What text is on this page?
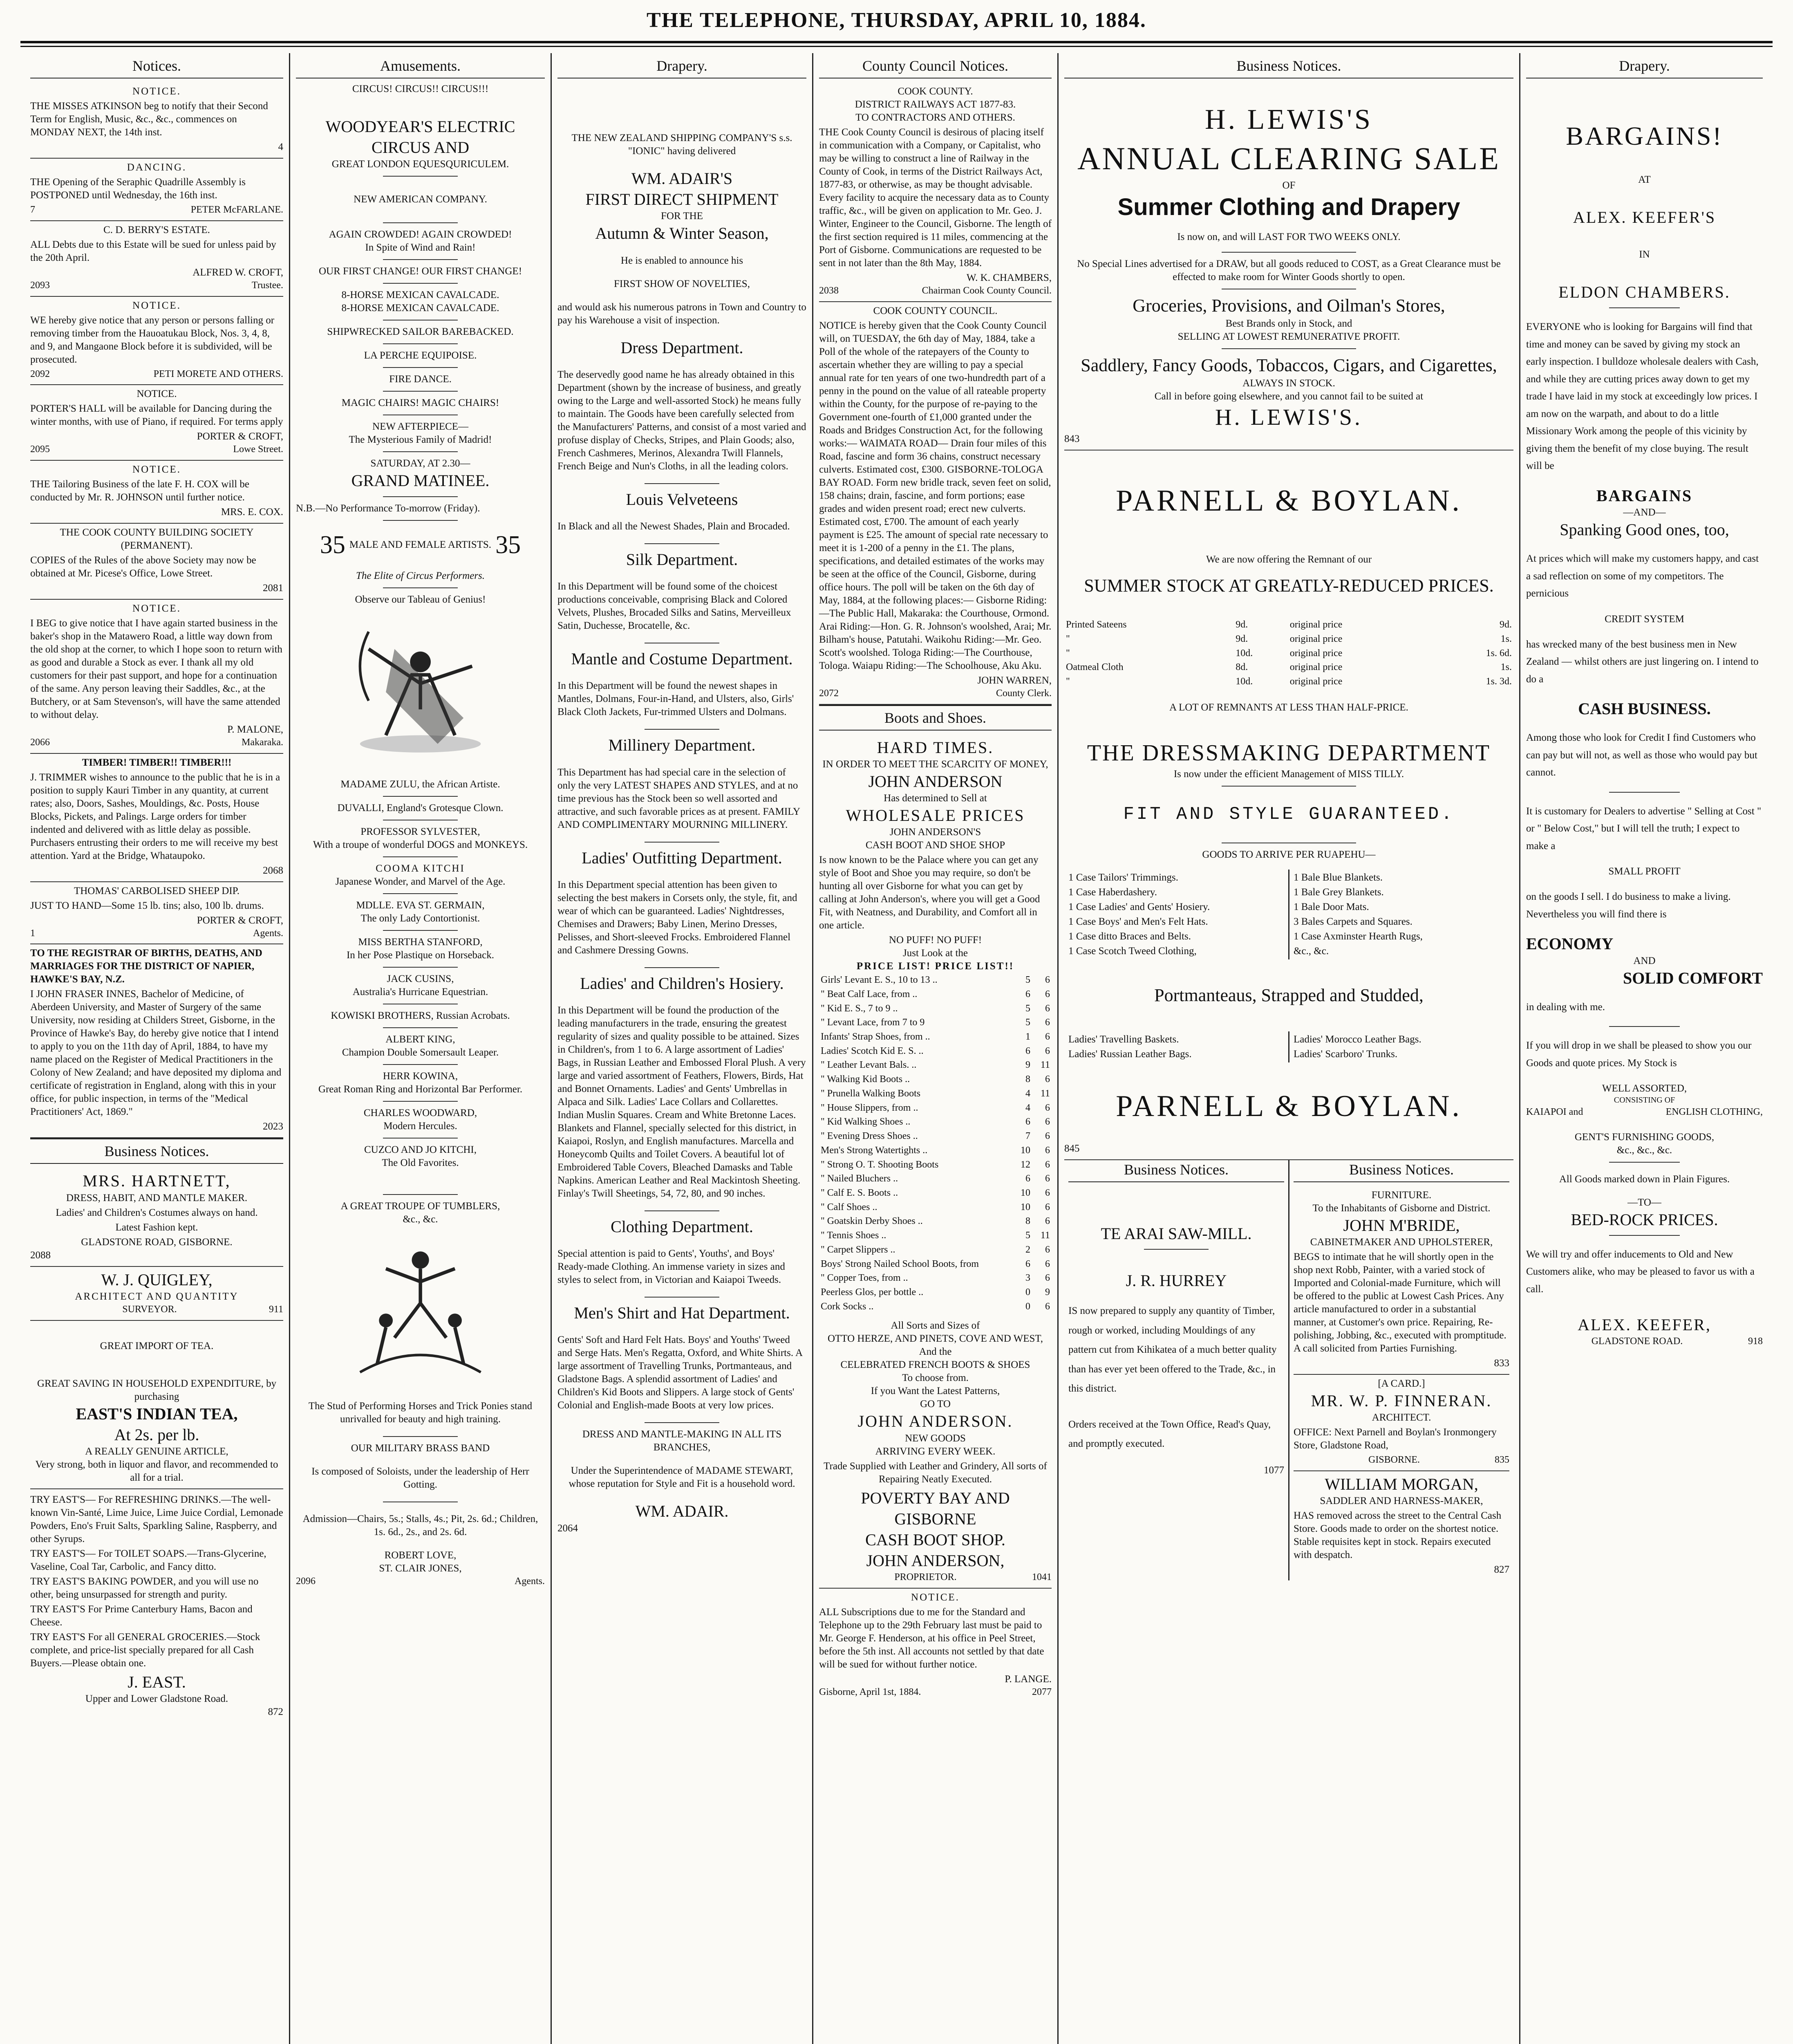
THE TELEPHONE, THURSDAY, APRIL 10, 1884.
Notices.
NOTICE.

THE MISSES ATKINSON beg to notify that their Second Term for English, Music, &c., &c., commences on MONDAY NEXT, the 14th inst.

4
DANCING.

THE Opening of the Seraphic Quadrille Assembly is POSTPONED until Wednesday, the 16th inst.

7	PETER McFARLANE.
C. D. BERRY'S ESTATE.

ALL Debts due to this Estate will be sued for unless paid by the 20th April.

ALFRED W. CROFT,
2093	Trustee.
NOTICE.

WE hereby give notice that any person or persons falling or removing timber from the Hauoatukau Block, Nos. 3, 4, 8, and 9, and Mangaone Block before it is subdivided, will be prosecuted.

2092	PETI MORETE AND OTHERS.
NOTICE.

PORTER'S HALL will be available for Dancing during the winter months, with use of Piano, if required. For terms apply

PORTER & CROFT,
2095	Lowe Street.
NOTICE.

THE Tailoring Business of the late F. H. COX will be conducted by Mr. R. JOHNSON until further notice.

MRS. E. COX.
THE COOK COUNTY BUILDING SOCIETY (PERMANENT).

COPIES of the Rules of the above Society may now be obtained at Mr. Picese's Office, Lowe Street.

2081
NOTICE.

I BEG to give notice that I have again started business in the baker's shop in the Matawero Road, a little way down from the old shop at the corner, to which I hope soon to return with as good and durable a Stock as ever. I thank all my old customers for their past support, and hope for a continuation of the same. Any person leaving their Saddles, &c., at the Butchery, or at Sam Stevenson's, will have the same attended to without delay.

P. MALONE,
2066	Makaraka.
TIMBER! TIMBER!! TIMBER!!!

J. TRIMMER wishes to announce to the public that he is in a position to supply Kauri Timber in any quantity, at current rates; also, Doors, Sashes, Mouldings, &c. Posts, House Blocks, Pickets, and Palings. Large orders for timber indented and delivered with as little delay as possible. Purchasers entrusting their orders to me will receive my best attention. Yard at the Bridge, Whataupoko.

2068
THOMAS' CARBOLISED SHEEP DIP.

JUST TO HAND—Some 15 lb. tins; also, 100 lb. drums.

PORTER & CROFT,
1	Agents.
TO THE REGISTRAR OF BIRTHS, DEATHS, AND MARRIAGES FOR THE DISTRICT OF NAPIER, HAWKE'S BAY, N.Z.

I JOHN FRASER INNES, Bachelor of Medicine, of Aberdeen University, and Master of Surgery of the same University, now residing at Childers Street, Gisborne, in the Province of Hawke's Bay, do hereby give notice that I intend to apply to you on the 11th day of April, 1884, to have my name placed on the Register of Medical Practitioners in the Colony of New Zealand; and have deposited my diploma and certificate of registration in England, along with this in your office, for public inspection, in terms of the "Medical Practitioners' Act, 1869."

2023
Business Notices.
MRS. HARTNETT,
DRESS, HABIT, AND MANTLE MAKER.

Ladies' and Children's Costumes always on hand.

Latest Fashion kept.

GLADSTONE ROAD, GISBORNE.
2088
W. J. QUIGLEY,
ARCHITECT AND QUANTITY
SURVEYOR.	911
GREAT IMPORT OF TEA.
GREAT SAVING IN HOUSEHOLD EXPENDITURE, by purchasing
EAST'S INDIAN TEA,
At 2s. per lb.
A REALLY GENUINE ARTICLE,
Very strong, both in liquor and flavor, and recommended to all for a trial.

TRY EAST'S— For REFRESHING DRINKS.—The well-known Vin-Santé, Lime Juice, Lime Juice Cordial, Lemonade Powders, Eno's Fruit Salts, Sparkling Saline, Raspberry, and other Syrups.

TRY EAST'S— For TOILET SOAPS.—Trans-Glycerine, Vaseline, Coal Tar, Carbolic, and Fancy ditto.

TRY EAST'S BAKING POWDER, and you will use no other, being unsurpassed for strength and purity.

TRY EAST'S For Prime Canterbury Hams, Bacon and Cheese.

TRY EAST'S For all GENERAL GROCERIES.—Stock complete, and price-list specially prepared for all Cash Buyers.—Please obtain one.

J. EAST.
Upper and Lower Gladstone Road.
872
Amusements.
CIRCUS! CIRCUS!! CIRCUS!!!
WOODYEAR'S ELECTRIC
CIRCUS AND
GREAT LONDON EQUESQURICULEM.
NEW AMERICAN COMPANY.
AGAIN CROWDED! AGAIN CROWDED!
In Spite of Wind and Rain!
OUR FIRST CHANGE! OUR FIRST CHANGE!
8-HORSE MEXICAN CAVALCADE.
8-HORSE MEXICAN CAVALCADE.
SHIPWRECKED SAILOR BAREBACKED.
LA PERCHE EQUIPOISE.
FIRE DANCE.
MAGIC CHAIRS! MAGIC CHAIRS!
NEW AFTERPIECE—
The Mysterious Family of Madrid!
SATURDAY, AT 2.30—
GRAND MATINEE.
N.B.—No Performance To-morrow (Friday).
35 MALE AND FEMALE ARTISTS. 35
The Elite of Circus Performers.
Observe our Tableau of Genius!
MADAME ZULU, the African Artiste.
DUVALLI, England's Grotesque Clown.
PROFESSOR SYLVESTER,
With a troupe of wonderful DOGS and MONKEYS.
COOMA KITCHI
Japanese Wonder, and Marvel of the Age.
MDLLE. EVA ST. GERMAIN,
The only Lady Contortionist.
MISS BERTHA STANFORD,
In her Pose Plastique on Horseback.
JACK CUSINS,
Australia's Hurricane Equestrian.
KOWISKI BROTHERS, Russian Acrobats.
ALBERT KING,
Champion Double Somersault Leaper.
HERR KOWINA,
Great Roman Ring and Horizontal Bar Performer.
CHARLES WOODWARD,
Modern Hercules.
CUZCO AND JO KITCHI,
The Old Favorites.
A GREAT TROUPE OF TUMBLERS,
&c., &c.

The Stud of Performing Horses and Trick Ponies stand unrivalled for beauty and high training.

OUR MILITARY BRASS BAND

Is composed of Soloists, under the leadership of Herr Gotting.

Admission—Chairs, 5s.; Stalls, 4s.; Pit, 2s. 6d.; Children, 1s. 6d., 2s., and 2s. 6d.

ROBERT LOVE,
ST. CLAIR JONES,
2096	Agents.
Drapery.

THE NEW ZEALAND SHIPPING COMPANY'S s.s. "IONIC" having delivered

WM. ADAIR'S
FIRST DIRECT SHIPMENT
FOR THE
Autumn & Winter Season,

He is enabled to announce his

FIRST SHOW OF NOVELTIES,

and would ask his numerous patrons in Town and Country to pay his Warehouse a visit of inspection.

Dress Department.

The deservedly good name he has already obtained in this Department (shown by the increase of business, and greatly owing to the Large and well-assorted Stock) he means fully to maintain. The Goods have been carefully selected from the Manufacturers' Patterns, and consist of a most varied and profuse display of Checks, Stripes, and Plain Goods; also, French Cashmeres, Merinos, Alexandra Twill Flannels, French Beige and Nun's Cloths, in all the leading colors.

Louis Velveteens

In Black and all the Newest Shades, Plain and Brocaded.

Silk Department.

In this Department will be found some of the choicest productions conceivable, comprising Black and Colored Velvets, Plushes, Brocaded Silks and Satins, Merveilleux Satin, Duchesse, Brocatelle, &c.

Mantle and Costume Department.

In this Department will be found the newest shapes in Mantles, Dolmans, Four-in-Hand, and Ulsters, also, Girls' Black Cloth Jackets, Fur-trimmed Ulsters and Dolmans.

Millinery Department.

This Department has had special care in the selection of only the very LATEST SHAPES AND STYLES, and at no time previous has the Stock been so well assorted and attractive, and such favorable prices as at present. FAMILY AND COMPLIMENTARY MOURNING MILLINERY.

Ladies' Outfitting Department.

In this Department special attention has been given to selecting the best makers in Corsets only, the style, fit, and wear of which can be guaranteed. Ladies' Nightdresses, Chemises and Drawers; Baby Linen, Merino Dresses, Pelisses, and Short-sleeved Frocks. Embroidered Flannel and Cashmere Dressing Gowns.

Ladies' and Children's Hosiery.

In this Department will be found the production of the leading manufacturers in the trade, ensuring the greatest regularity of sizes and quality possible to be attained. Sizes in Children's, from 1 to 6. A large assortment of Ladies' Bags, in Russian Leather and Embossed Floral Plush. A very large and varied assortment of Feathers, Flowers, Birds, Hat and Bonnet Ornaments. Ladies' and Gents' Umbrellas in Alpaca and Silk. Ladies' Lace Collars and Collarettes. Indian Muslin Squares. Cream and White Bretonne Laces. Blankets and Flannel, specially selected for this district, in Kaiapoi, Roslyn, and English manufactures. Marcella and Honeycomb Quilts and Toilet Covers. A beautiful lot of Embroidered Table Covers, Bleached Damasks and Table Napkins. American Leather and Real Mackintosh Sheeting. Finlay's Twill Sheetings, 54, 72, 80, and 90 inches.

Clothing Department.

Special attention is paid to Gents', Youths', and Boys' Ready-made Clothing. An immense variety in sizes and styles to select from, in Victorian and Kaiapoi Tweeds.

Men's Shirt and Hat Department.

Gents' Soft and Hard Felt Hats. Boys' and Youths' Tweed and Serge Hats. Men's Regatta, Oxford, and White Shirts. A large assortment of Travelling Trunks, Portmanteaus, and Gladstone Bags. A splendid assortment of Ladies' and Children's Kid Boots and Slippers. A large stock of Gents' Colonial and English-made Boots at very low prices.

DRESS AND MANTLE-MAKING IN ALL ITS BRANCHES,

Under the Superintendence of MADAME STEWART, whose reputation for Style and Fit is a household word.

WM. ADAIR.
2064
County Council Notices.
COOK COUNTY.
DISTRICT RAILWAYS ACT 1877-83.
TO CONTRACTORS AND OTHERS.

THE Cook County Council is desirous of placing itself in communication with a Company, or Capitalist, who may be willing to construct a line of Railway in the County of Cook, in terms of the District Railways Act, 1877-83, or otherwise, as may be thought advisable. Every facility to acquire the necessary data as to County traffic, &c., will be given on application to Mr. Geo. J. Winter, Engineer to the Council, Gisborne. The length of the first section required is 11 miles, commencing at the Port of Gisborne. Communications are requested to be sent in not later than the 8th May, 1884.

W. K. CHAMBERS,
2038	Chairman Cook County Council.
COOK COUNTY COUNCIL.

NOTICE is hereby given that the Cook County Council will, on TUESDAY, the 6th day of May, 1884, take a Poll of the whole of the ratepayers of the County to ascertain whether they are willing to pay a special annual rate for ten years of one two-hundredth part of a penny in the pound on the value of all rateable property within the County, for the purpose of re-paying to the Government one-fourth of £1,000 granted under the Roads and Bridges Construction Act, for the following works:— WAIMATA ROAD— Drain four miles of this Road, fascine and form 36 chains, construct necessary culverts. Estimated cost, £300. GISBORNE-TOLOGA BAY ROAD. Form new bridle track, seven feet on solid, 158 chains; drain, fascine, and form portions; ease grades and widen present road; erect new culverts. Estimated cost, £700. The amount of each yearly payment is £25. The amount of special rate necessary to meet it is 1-200 of a penny in the £1. The plans, specifications, and detailed estimates of the works may be seen at the office of the Council, Gisborne, during office hours. The poll will be taken on the 6th day of May, 1884, at the following places:— Gisborne Riding:—The Public Hall, Makaraka: the Courthouse, Ormond. Arai Riding:—Hon. G. R. Johnson's woolshed, Arai; Mr. Bilham's house, Patutahi. Waikohu Riding:—Mr. Geo. Scott's woolshed. Tologa Riding:—The Courthouse, Tologa. Waiapu Riding:—The Schoolhouse, Aku Aku.

JOHN WARREN,
2072	County Clerk.
Boots and Shoes.
HARD TIMES.
IN ORDER TO MEET THE SCARCITY OF MONEY,
JOHN ANDERSON
Has determined to Sell at
WHOLESALE PRICES
JOHN ANDERSON'S
CASH BOOT AND SHOE SHOP

Is now known to be the Palace where you can get any style of Boot and Shoe you may require, so don't be hunting all over Gisborne for what you can get by calling at John Anderson's, where you will get a Good Fit, with Neatness, and Durability, and Comfort all in one article.

NO PUFF! NO PUFF!
Just Look at the
PRICE LIST! PRICE LIST!!
Girls' Levant E. S., 10 to 13 ..	5	6
" Beat Calf Lace, from ..	6	6
" Kid E. S., 7 to 9 ..	5	6
" Levant Lace, from 7 to 9	5	6
Infants' Strap Shoes, from ..	1	6
Ladies' Scotch Kid E. S. ..	6	6
" Leather Levant Bals. ..	9	11
" Walking Kid Boots ..	8	6
" Prunella Walking Boots	4	11
" House Slippers, from ..	4	6
" Kid Walking Shoes ..	6	6
" Evening Dress Shoes ..	7	6
Men's Strong Watertights ..	10	6
" Strong O. T. Shooting Boots	12	6
" Nailed Bluchers ..	6	6
" Calf E. S. Boots ..	10	6
" Calf Shoes ..	10	6
" Goatskin Derby Shoes ..	8	6
" Tennis Shoes ..	5	11
" Carpet Slippers ..	2	6
Boys' Strong Nailed School Boots, from	6	6
" Copper Toes, from ..	3	6
Peerless Glos, per bottle ..	0	9
Cork Socks ..	0	6
All Sorts and Sizes of
OTTO HERZE, AND PINETS, COVE AND WEST,
And the
CELEBRATED FRENCH BOOTS & SHOES
To choose from.
If you Want the Latest Patterns,
GO TO
JOHN ANDERSON.
NEW GOODS
ARRIVING EVERY WEEK.

Trade Supplied with Leather and Grindery, All sorts of Repairing Neatly Executed.

POVERTY BAY AND GISBORNE
CASH BOOT SHOP.
JOHN ANDERSON,
PROPRIETOR.	1041
NOTICE.

ALL Subscriptions due to me for the Standard and Telephone up to the 29th February last must be paid to Mr. George F. Henderson, at his office in Peel Street, before the 5th inst. All accounts not settled by that date will be sued for without further notice.

P. LANGE.
Gisborne, April 1st, 1884.	2077
Business Notices.
H. LEWIS'S
ANNUAL CLEARING SALE
OF
Summer Clothing and Drapery
Is now on, and will LAST FOR TWO WEEKS ONLY.

No Special Lines advertised for a DRAW, but all goods reduced to COST, as a Great Clearance must be effected to make room for Winter Goods shortly to open.

Groceries, Provisions, and Oilman's Stores,
Best Brands only in Stock, and
SELLING AT LOWEST REMUNERATIVE PROFIT.
Saddlery, Fancy Goods, Tobaccos, Cigars, and Cigarettes,
ALWAYS IN STOCK.
Call in before going elsewhere, and you cannot fail to be suited at
H. LEWIS'S.
843
PARNELL & BOYLAN.
We are now offering the Remnant of our
SUMMER STOCK AT GREATLY-REDUCED PRICES.
Printed Sateens	9d.	original price	9d.
"	9d.	original price	1s.
"	10d.	original price	1s. 6d.
Oatmeal Cloth	8d.	original price	1s.
"	10d.	original price	1s. 3d.
A LOT OF REMNANTS AT LESS THAN HALF-PRICE.
THE DRESSMAKING DEPARTMENT
Is now under the efficient Management of MISS TILLY.
FIT AND STYLE GUARANTEED.
GOODS TO ARRIVE PER RUAPEHU—

1 Case Tailors' Trimmings.

1 Case Haberdashery.

1 Case Ladies' and Gents' Hosiery.

1 Case Boys' and Men's Felt Hats.

1 Case ditto Braces and Belts.

1 Case Scotch Tweed Clothing,

1 Bale Blue Blankets.

1 Bale Grey Blankets.

1 Bale Door Mats.

3 Bales Carpets and Squares.

1 Case Axminster Hearth Rugs,

&c., &c.

Portmanteaus, Strapped and Studded,

Ladies' Travelling Baskets.

Ladies' Russian Leather Bags.

Ladies' Morocco Leather Bags.

Ladies' Scarboro' Trunks.

PARNELL & BOYLAN.
845
Business Notices.
TE ARAI SAW-MILL.
J. R. HURREY

IS now prepared to supply any quantity of Timber, rough or worked, including Mouldings of any pattern cut from Kihikatea of a much better quality than has ever yet been offered to the Trade, &c., in this district.

Orders received at the Town Office, Read's Quay, and promptly executed.

1077
Business Notices.
FURNITURE.
To the Inhabitants of Gisborne and District.
JOHN M'BRIDE,
CABINETMAKER AND UPHOLSTERER,

BEGS to intimate that he will shortly open in the shop next Robb, Painter, with a varied stock of Imported and Colonial-made Furniture, which will be offered to the public at Lowest Cash Prices. Any article manufactured to order in a substantial manner, at Customer's own price. Repairing, Re-polishing, Jobbing, &c., executed with promptitude. A call solicited from Parties Furnishing.

833
[A CARD.]
MR. W. P. FINNERAN.
ARCHITECT.

OFFICE: Next Parnell and Boylan's Ironmongery Store, Gladstone Road,

GISBORNE.	835
WILLIAM MORGAN,
SADDLER AND HARNESS-MAKER,

HAS removed across the street to the Central Cash Store. Goods made to order on the shortest notice. Stable requisites kept in stock. Repairs executed with despatch.

827
Drapery.
BARGAINS!
AT
ALEX. KEEFER'S
IN
ELDON CHAMBERS.

EVERYONE who is looking for Bargains will find that time and money can be saved by giving my stock an early inspection. I bulldoze wholesale dealers with Cash, and while they are cutting prices away down to get my trade I have laid in my stock at exceedingly low prices. I am now on the warpath, and about to do a little Missionary Work among the people of this vicinity by giving them the benefit of my close buying. The result will be

BARGAINS
—AND—
Spanking Good ones, too,

At prices which will make my customers happy, and cast a sad reflection on some of my competitors. The pernicious

CREDIT SYSTEM

has wrecked many of the best business men in New Zealand — whilst others are just lingering on. I intend to do a

CASH BUSINESS.

Among those who look for Credit I find Customers who can pay but will not, as well as those who would pay but cannot.

It is customary for Dealers to advertise " Selling at Cost " or " Below Cost," but I will tell the truth; I expect to make a

SMALL PROFIT

on the goods I sell. I do business to make a living. Nevertheless you will find there is

ECONOMY
AND
SOLID COMFORT

in dealing with me.

If you will drop in we shall be pleased to show you our Goods and quote prices. My Stock is

WELL ASSORTED,
CONSISTING OF
KAIAPOI and	ENGLISH CLOTHING,
GENT'S FURNISHING GOODS,
&c., &c., &c.

All Goods marked down in Plain Figures.

—TO—
BED-ROCK PRICES.

We will try and offer inducements to Old and New Customers alike, who may be pleased to favor us with a call.

ALEX. KEEFER,
GLADSTONE ROAD.	918
